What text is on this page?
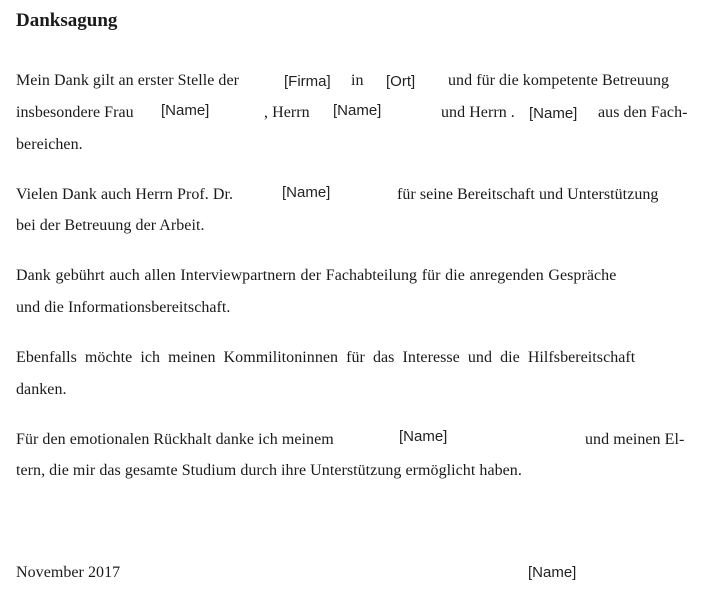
Danksagung
Mein Dank gilt an erster Stelle der	[Firma] in [Ort] und für die kompetente Betreuung
insbesondere Frau [Name]	, Herrn [Name]	und Herrn . [Name] aus den Fach-
bereichen.
Vielen Dank auch Herrn Prof. Dr.	[Name]	für seine Bereitschaft und Unterstützung
bei der Betreuung der Arbeit.
Dank gebührt auch allen Interviewpartnern der Fachabteilung für die anregenden Gespräche
und die Informationsbereitschaft.
Ebenfalls möchte ich meinen Kommilitoninnen für das Interesse und die Hilfsbereitschaft
danken.
Für den emotionalen Rückhalt danke ich meinem	[Name]	und meinen El-
tern, die mir das gesamte Studium durch ihre Unterstützung ermöglicht haben.
November 2017	[Name]
